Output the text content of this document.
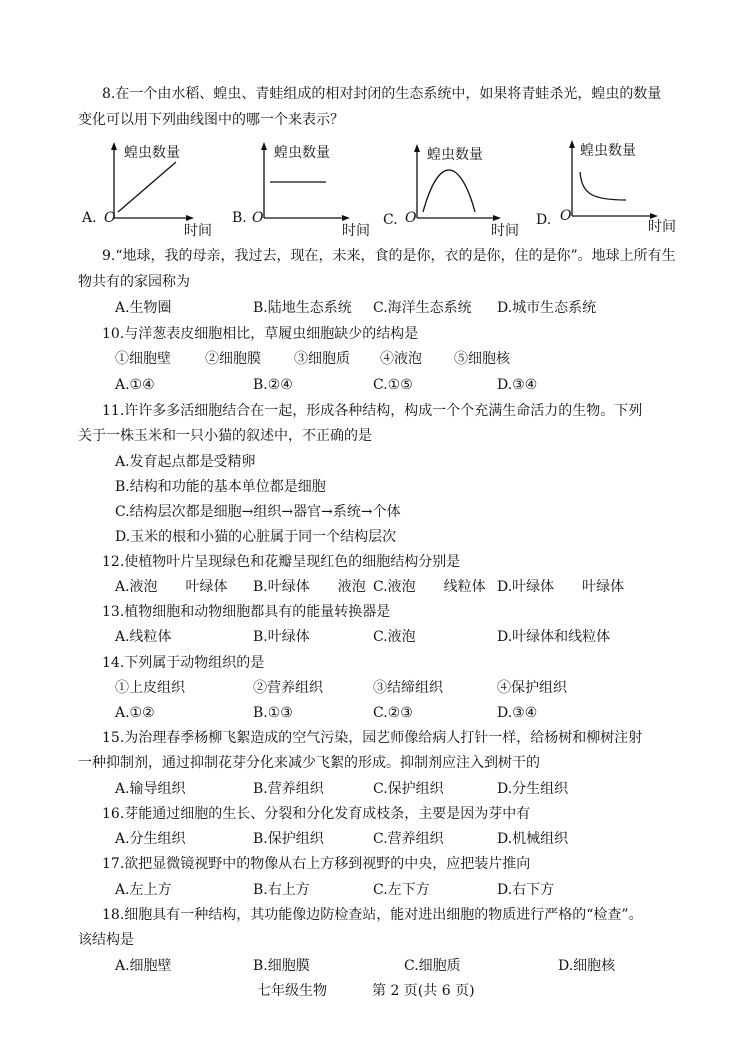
8.在一个由水稻、蝗虫、青蛙组成的相对封闭的生态系统中，如果将青蛙杀光，蝗虫的数量
变化可以用下列曲线图中的哪一个来表示？
A.
蝗虫数量
时间
O	B.
蝗虫数量
时间
O	C.
蝗虫数量
时间
O	D.
蝗虫数量
时间
O
9.“地球，我的母亲，我过去，现在，未来，食的是你，衣的是你，住的是你”。地球上所有生
物共有的家园称为
A.生物圈	B.陆地生态系统 C.海洋生态系统 D.城市生态系统
10.与洋葱表皮细胞相比，草履虫细胞缺少的结构是
①细胞壁 ②细胞膜 ③细胞质 ④液泡 ⑤细胞核
A.①④	B.②④	C.①⑤	D.③④
11.许许多多活细胞结合在一起，形成各种结构，构成一个个充满生命活力的生物。下列
关于一株玉米和一只小猫的叙述中，不正确的是
A.发育起点都是受精卵
B.结构和功能的基本单位都是细胞
C.结构层次都是细胞→组织→器官→系统→个体
D.玉米的根和小猫的心脏属于同一个结构层次
12.使植物叶片呈现绿色和花瓣呈现红色的细胞结构分别是
A.液泡　　叶绿体 B.叶绿体　　液泡 C.液泡　　线粒体 D.叶绿体　　叶绿体
13.植物细胞和动物细胞都具有的能量转换器是
A.线粒体	B.叶绿体	C.液泡	D.叶绿体和线粒体
14.下列属于动物组织的是
①上皮组织	②营养组织	③结缔组织	④保护组织
A.①②	B.①③	C.②③	D.③④
15.为治理春季杨柳飞絮造成的空气污染，园艺师像给病人打针一样，给杨树和柳树注射
一种抑制剂，通过抑制花芽分化来减少飞絮的形成。抑制剂应注入到树干的
A.输导组织	B.营养组织	C.保护组织	D.分生组织
16.芽能通过细胞的生长、分裂和分化发育成枝条，主要是因为芽中有
A.分生组织	B.保护组织	C.营养组织	D.机械组织
17.欲把显微镜视野中的物像从右上方移到视野的中央，应把装片推向
A.左上方	B.右上方	C.左下方	D.右下方
18.细胞具有一种结构，其功能像边防检查站，能对进出细胞的物质进行严格的“检查”。
该结构是
A.细胞壁	B.细胞膜	C.细胞质	D.细胞核
七年级生物	第 2 页(共 6 页)
